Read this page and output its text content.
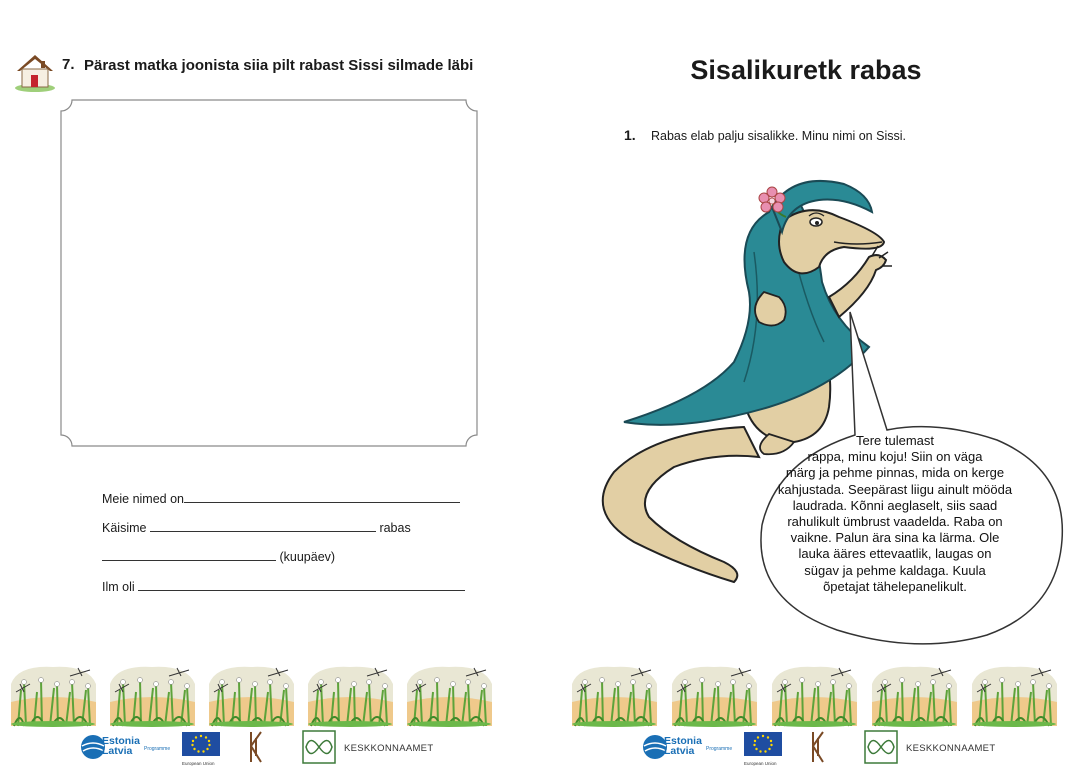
7. Pärast matka joonista siia pilt rabast Sissi silmade läbi
Meie nimed on
Käisime	rabas
(kuupäev)
Ilm oli
Estonia
Latvia	Programme
European Union
KESKKONNAAMET
Sisalikuretk rabas
1. Rabas elab palju sisalikke. Minu nimi on Sissi.
Tere tulemast
rappa, minu koju! Siin on väga
märg ja pehme pinnas, mida on kerge
kahjustada. Seepärast liigu ainult mööda
laudrada. Kõnni aeglaselt, siis saad
rahulikult ümbrust vaadelda. Raba on
vaikne. Palun ära sina ka lärma. Ole
lauka ääres ettevaatlik, laugas on
sügav ja pehme kaldaga. Kuula
õpetajat tähelepanelikult.
Estonia
Latvia	Programme
European Union
KESKKONNAAMET
